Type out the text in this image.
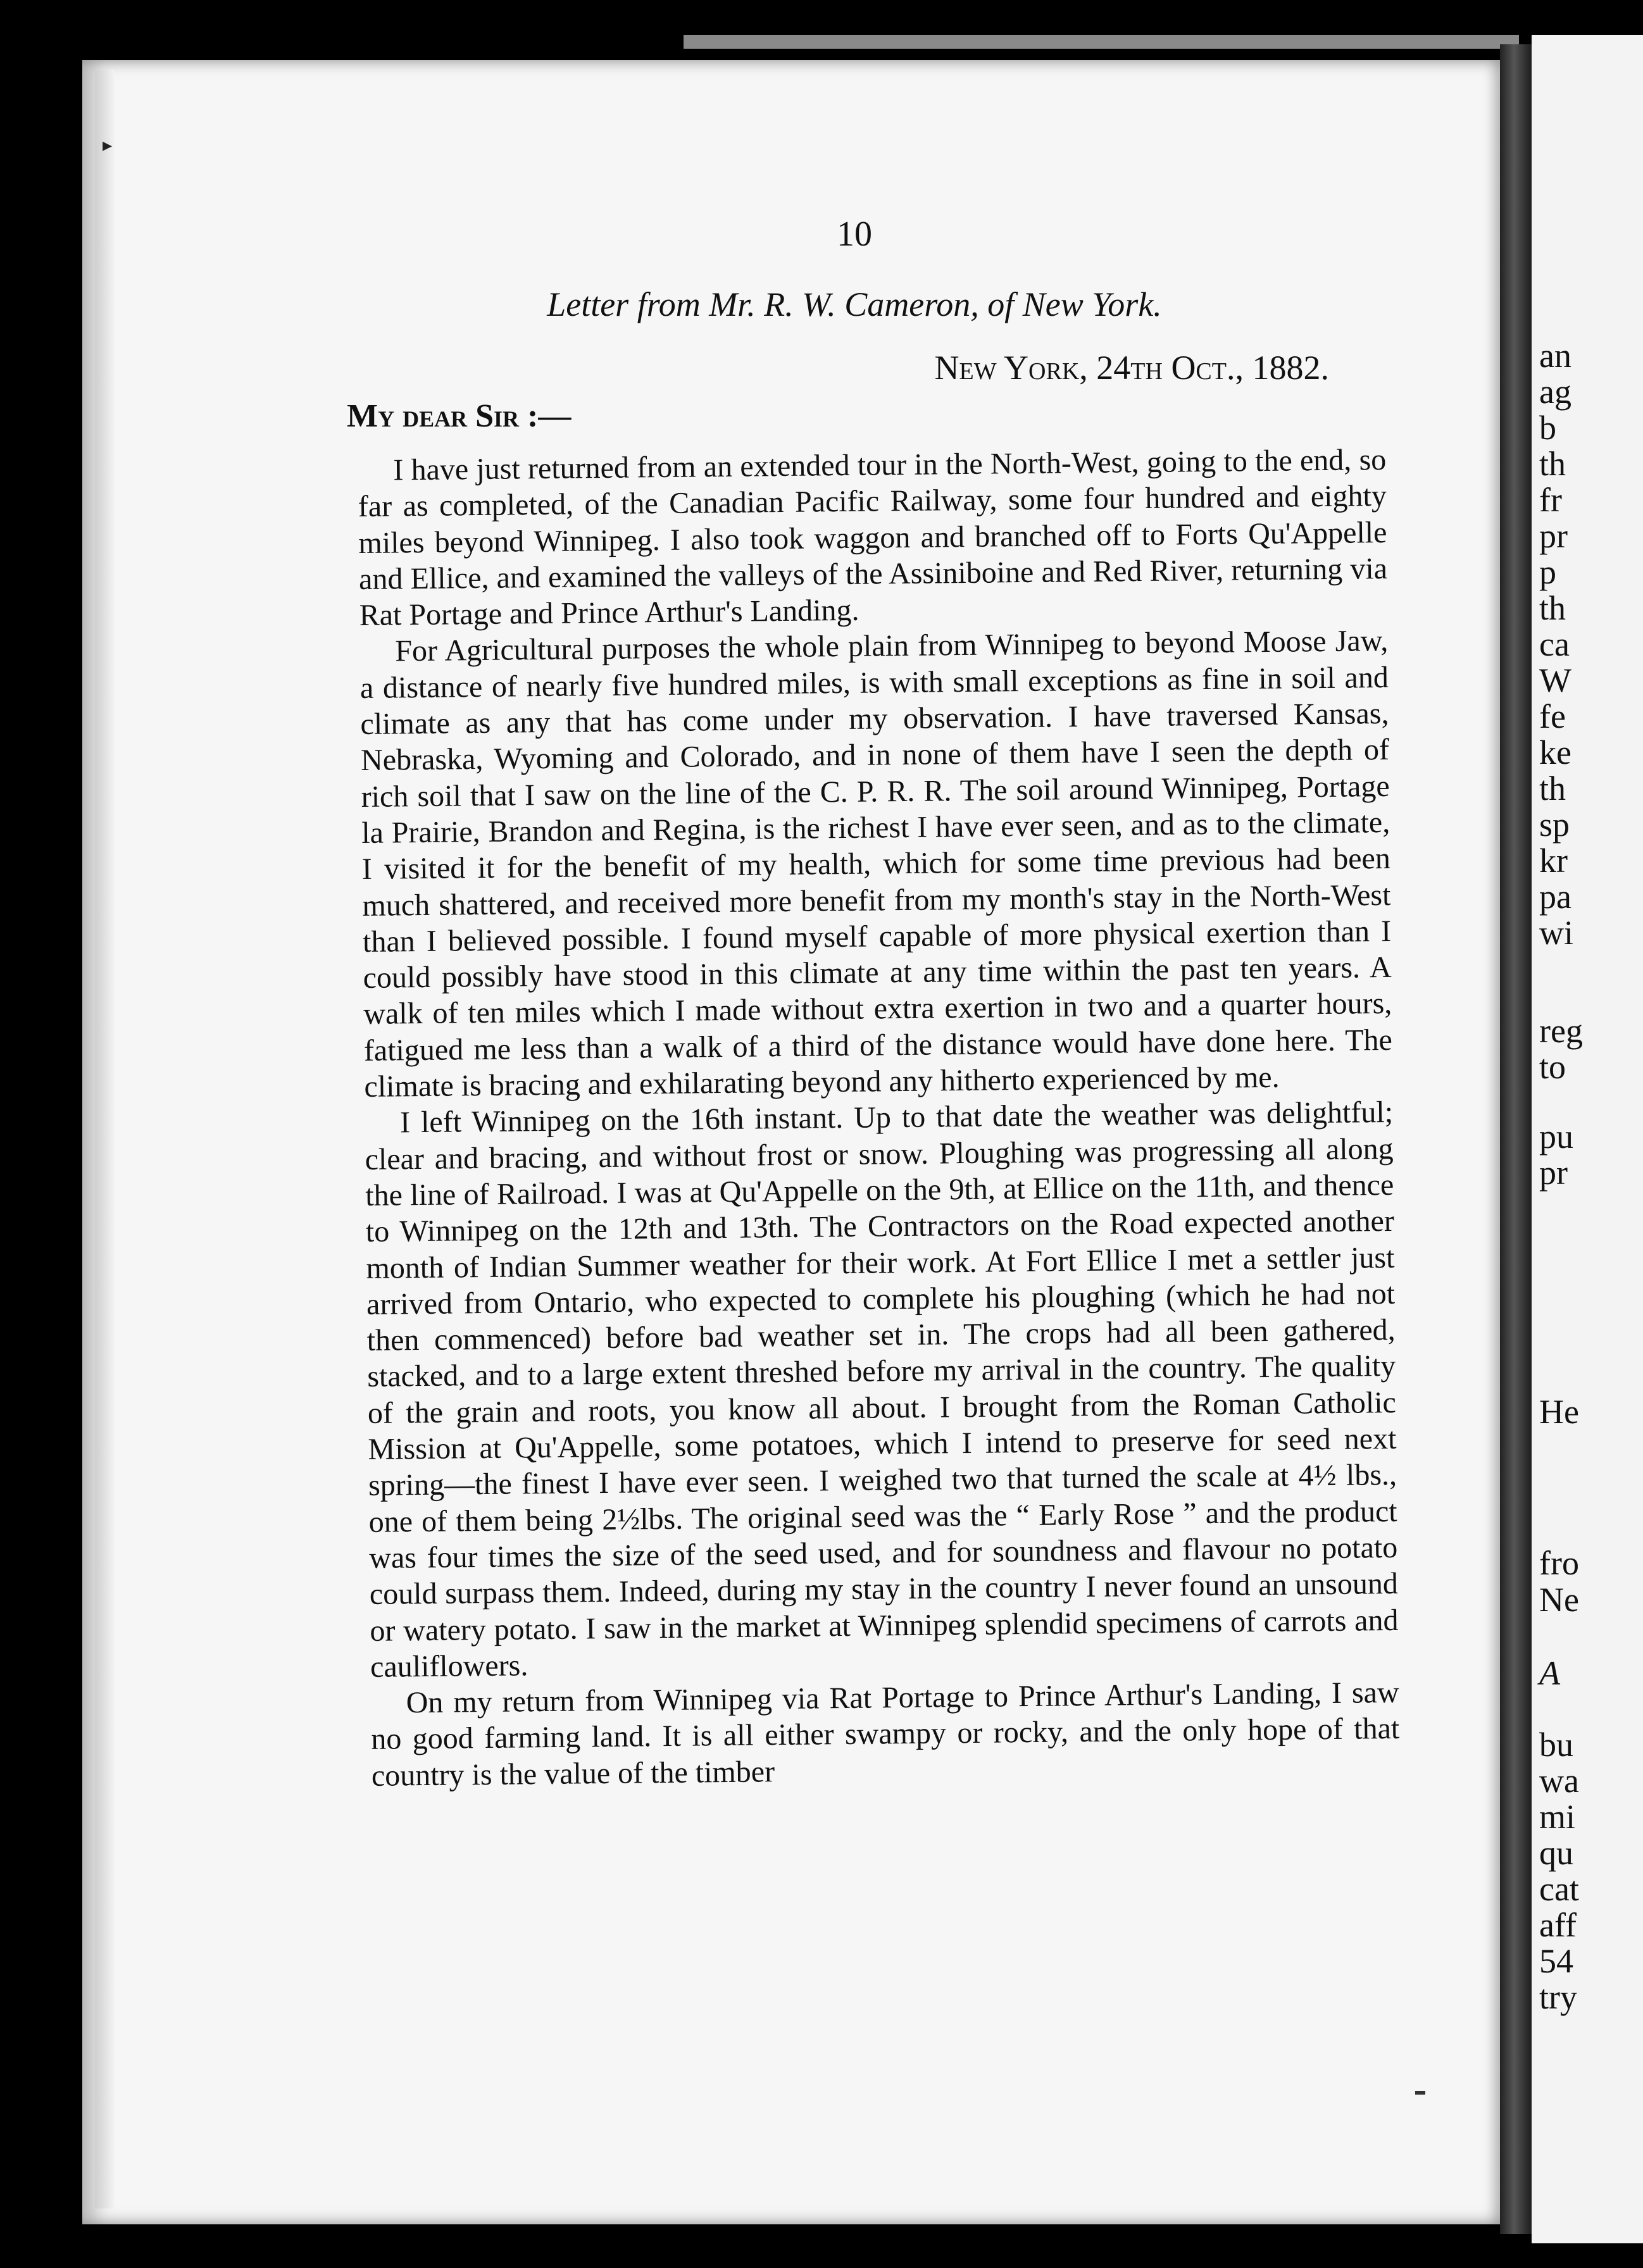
an
ag
b
th
fr
pr
p
th
ca
W
fe
ke
th
sp
kr
pa
wi
reg
to
pu
pr
He
fro
Ne
A
bu
wa
mi
qu
cat
aff
54
try
▸
10
Letter from Mr. R. W. Cameron, of New York.
New York, 24th Oct., 1882.
My dear Sir :—

I have just returned from an extended tour in the North-West, going to the end, so far as completed, of the Canadian Pacific Railway, some four hundred and eighty miles beyond Winnipeg. I also took waggon and branched off to Forts Qu'Appelle and Ellice, and examined the valleys of the Assiniboine and Red River, returning via Rat Portage and Prince Arthur's Landing.

For Agricultural purposes the whole plain from Winnipeg to beyond Moose Jaw, a distance of nearly five hundred miles, is with small exceptions as fine in soil and climate as any that has come under my observation. I have traversed Kansas, Nebraska, Wyoming and Colorado, and in none of them have I seen the depth of rich soil that I saw on the line of the C. P. R. R. The soil around Winnipeg, Portage la Prairie, Brandon and Regina, is the richest I have ever seen, and as to the climate, I visited it for the benefit of my health, which for some time previous had been much shattered, and received more benefit from my month's stay in the North-West than I believed possible. I found myself capable of more physical exertion than I could possibly have stood in this climate at any time within the past ten years. A walk of ten miles which I made without extra exertion in two and a quarter hours, fatigued me less than a walk of a third of the distance would have done here. The climate is bracing and exhilarating beyond any hitherto experienced by me.

I left Winnipeg on the 16th instant. Up to that date the weather was delightful; clear and bracing, and without frost or snow. Ploughing was progressing all along the line of Railroad. I was at Qu'Appelle on the 9th, at Ellice on the 11th, and thence to Winnipeg on the 12th and 13th. The Contractors on the Road expected another month of Indian Summer weather for their work. At Fort Ellice I met a settler just arrived from Ontario, who expected to complete his ploughing (which he had not then commenced) before bad weather set in. The crops had all been gathered, stacked, and to a large extent threshed before my arrival in the country. The quality of the grain and roots, you know all about. I brought from the Roman Catholic Mission at Qu'Appelle, some potatoes, which I intend to preserve for seed next spring—the finest I have ever seen. I weighed two that turned the scale at 4½ lbs., one of them being 2½lbs. The original seed was the “ Early Rose ” and the product was four times the size of the seed used, and for soundness and flavour no potato could surpass them. Indeed, during my stay in the country I never found an unsound or watery potato. I saw in the market at Winnipeg splendid specimens of carrots and cauliflowers.

On my return from Winnipeg via Rat Portage to Prince Arthur's Landing, I saw no good farming land. It is all either swampy or rocky, and the only hope of that country is the value of the timber
